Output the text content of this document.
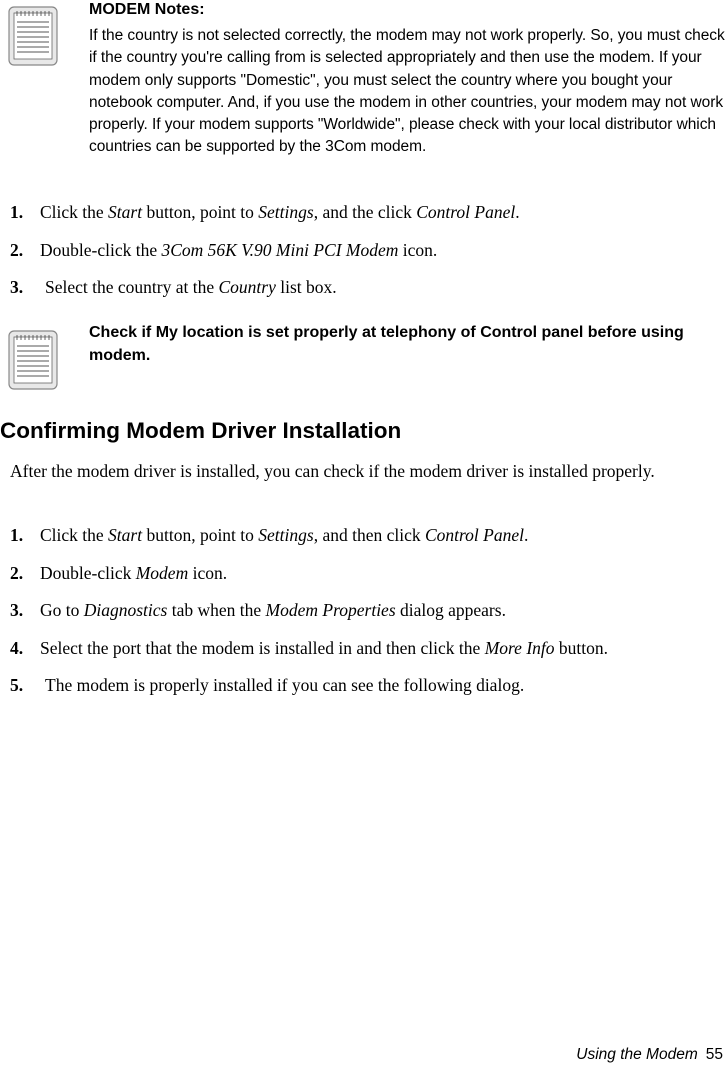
MODEM Notes:
If the country is not selected correctly, the modem may not work properly. So, you must check if the country you're calling from is selected appropriately and then use the modem. If your modem only supports "Domestic", you must select the country where you bought your notebook computer. And, if you use the modem in other countries, your modem may not work properly. If your modem supports "Worldwide", please check with your local distributor which countries can be supported by the 3Com modem.
1. Click the Start button, point to Settings, and the click Control Panel.
2. Double-click the 3Com 56K V.90 Mini PCI Modem icon.
3. Select the country at the Country list box.
Check if My location is set properly at telephony of Control panel before using modem.
Confirming Modem Driver Installation

After the modem driver is installed, you can check if the modem driver is installed properly.

1. Click the Start button, point to Settings, and then click Control Panel.
2. Double-click Modem icon.
3. Go to Diagnostics tab when the Modem Properties dialog appears.
4. Select the port that the modem is installed in and then click the More Info button.
5. The modem is properly installed if you can see the following dialog.
Using the Modem 55
